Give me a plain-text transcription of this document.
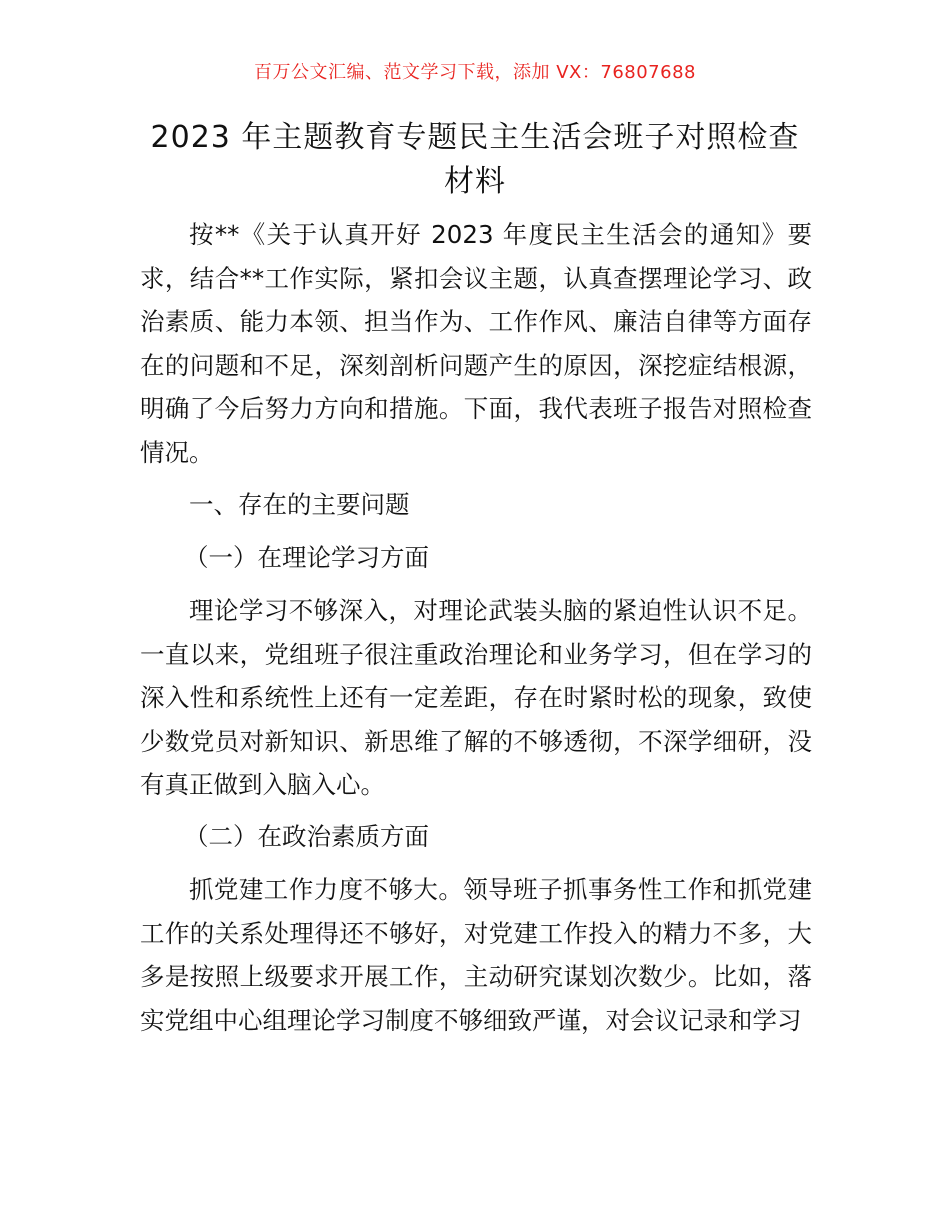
百万公文汇编、范文学习下载，添加 VX：76807688
2023 年主题教育专题民主生活会班子对照检查
材料
按**《关于认真开好 2023 年度民主生活会的通知》要求，结合**工作实际，紧扣会议主题，认真查摆理论学习、政治素质、能力本领、担当作为、工作作风、廉洁自律等方面存在的问题和不足，深刻剖析问题产生的原因，深挖症结根源，明确了今后努力方向和措施。下面，我代表班子报告对照检查情况。
一、存在的主要问题
（一）在理论学习方面
理论学习不够深入，对理论武装头脑的紧迫性认识不足。一直以来，党组班子很注重政治理论和业务学习，但在学习的深入性和系统性上还有一定差距，存在时紧时松的现象，致使少数党员对新知识、新思维了解的不够透彻，不深学细研，没有真正做到入脑入心。
（二）在政治素质方面
抓党建工作力度不够大。领导班子抓事务性工作和抓党建工作的关系处理得还不够好，对党建工作投入的精力不多，大多是按照上级要求开展工作，主动研究谋划次数少。比如，落实党组中心组理论学习制度不够细致严谨，对会议记录和学习
